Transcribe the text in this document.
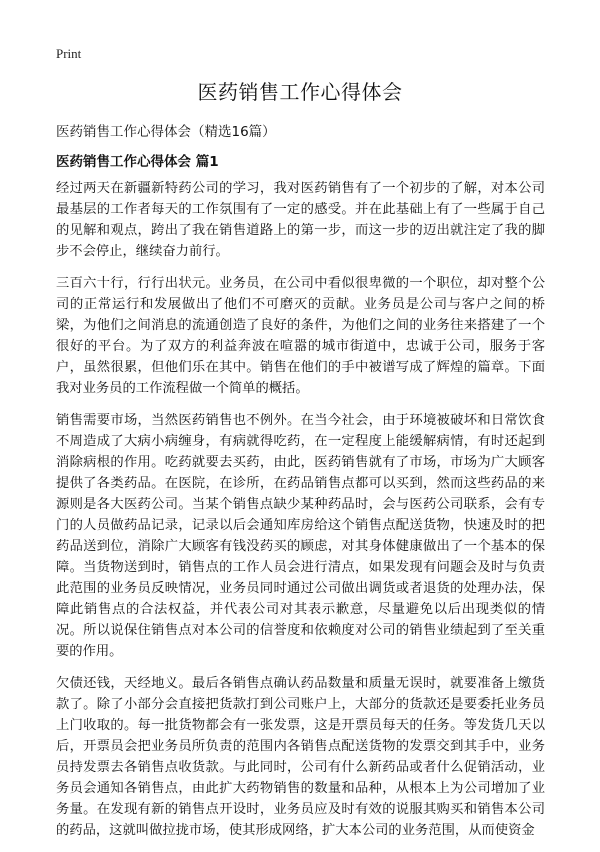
Print
医药销售工作心得体会
医药销售工作心得体会（精选16篇）
医药销售工作心得体会 篇1

经过两天在新疆新特药公司的学习，我对医药销售有了一个初步的了解，对本公司最基层的工作者每天的工作氛围有了一定的感受。并在此基础上有了一些属于自己的见解和观点，跨出了我在销售道路上的第一步，而这一步的迈出就注定了我的脚步不会停止，继续奋力前行。

三百六十行，行行出状元。业务员，在公司中看似很卑微的一个职位，却对整个公司的正常运行和发展做出了他们不可磨灭的贡献。业务员是公司与客户之间的桥梁，为他们之间消息的流通创造了良好的条件，为他们之间的业务往来搭建了一个很好的平台。为了双方的利益奔波在喧嚣的城市街道中，忠诚于公司，服务于客户，虽然很累，但他们乐在其中。销售在他们的手中被谱写成了辉煌的篇章。下面我对业务员的工作流程做一个简单的概括。

销售需要市场，当然医药销售也不例外。在当今社会，由于环境被破坏和日常饮食不周造成了大病小病缠身，有病就得吃药，在一定程度上能缓解病情，有时还起到消除病根的作用。吃药就要去买药，由此，医药销售就有了市场，市场为广大顾客提供了各类药品。在医院，在诊所，在药品销售点都可以买到，然而这些药品的来源则是各大医药公司。当某个销售点缺少某种药品时，会与医药公司联系，会有专门的人员做药品记录，记录以后会通知库房给这个销售点配送货物，快速及时的把药品送到位，消除广大顾客有钱没药买的顾虑，对其身体健康做出了一个基本的保障。当货物送到时，销售点的工作人员会进行清点，如果发现有问题会及时与负责此范围的业务员反映情况，业务员同时通过公司做出调货或者退货的处理办法，保障此销售点的合法权益，并代表公司对其表示歉意，尽量避免以后出现类似的情况。所以说保住销售点对本公司的信誉度和依赖度对公司的销售业绩起到了至关重要的作用。

欠债还钱，天经地义。最后各销售点确认药品数量和质量无误时，就要准备上缴货款了。除了小部分会直接把货款打到公司账户上，大部分的货款还是要委托业务员上门收取的。每一批货物都会有一张发票，这是开票员每天的任务。等发货几天以后，开票员会把业务员所负责的范围内各销售点配送货物的发票交到其手中，业务员持发票去各销售点收货款。与此同时，公司有什么新药品或者什么促销活动，业务员会通知各销售点，由此扩大药物销售的数量和品种，从根本上为公司增加了业务量。在发现有新的销售点开设时，业务员应及时有效的说服其购买和销售本公司的药品，这就叫做拉拢市场，使其形成网络，扩大本公司的业务范围，从而使资金
